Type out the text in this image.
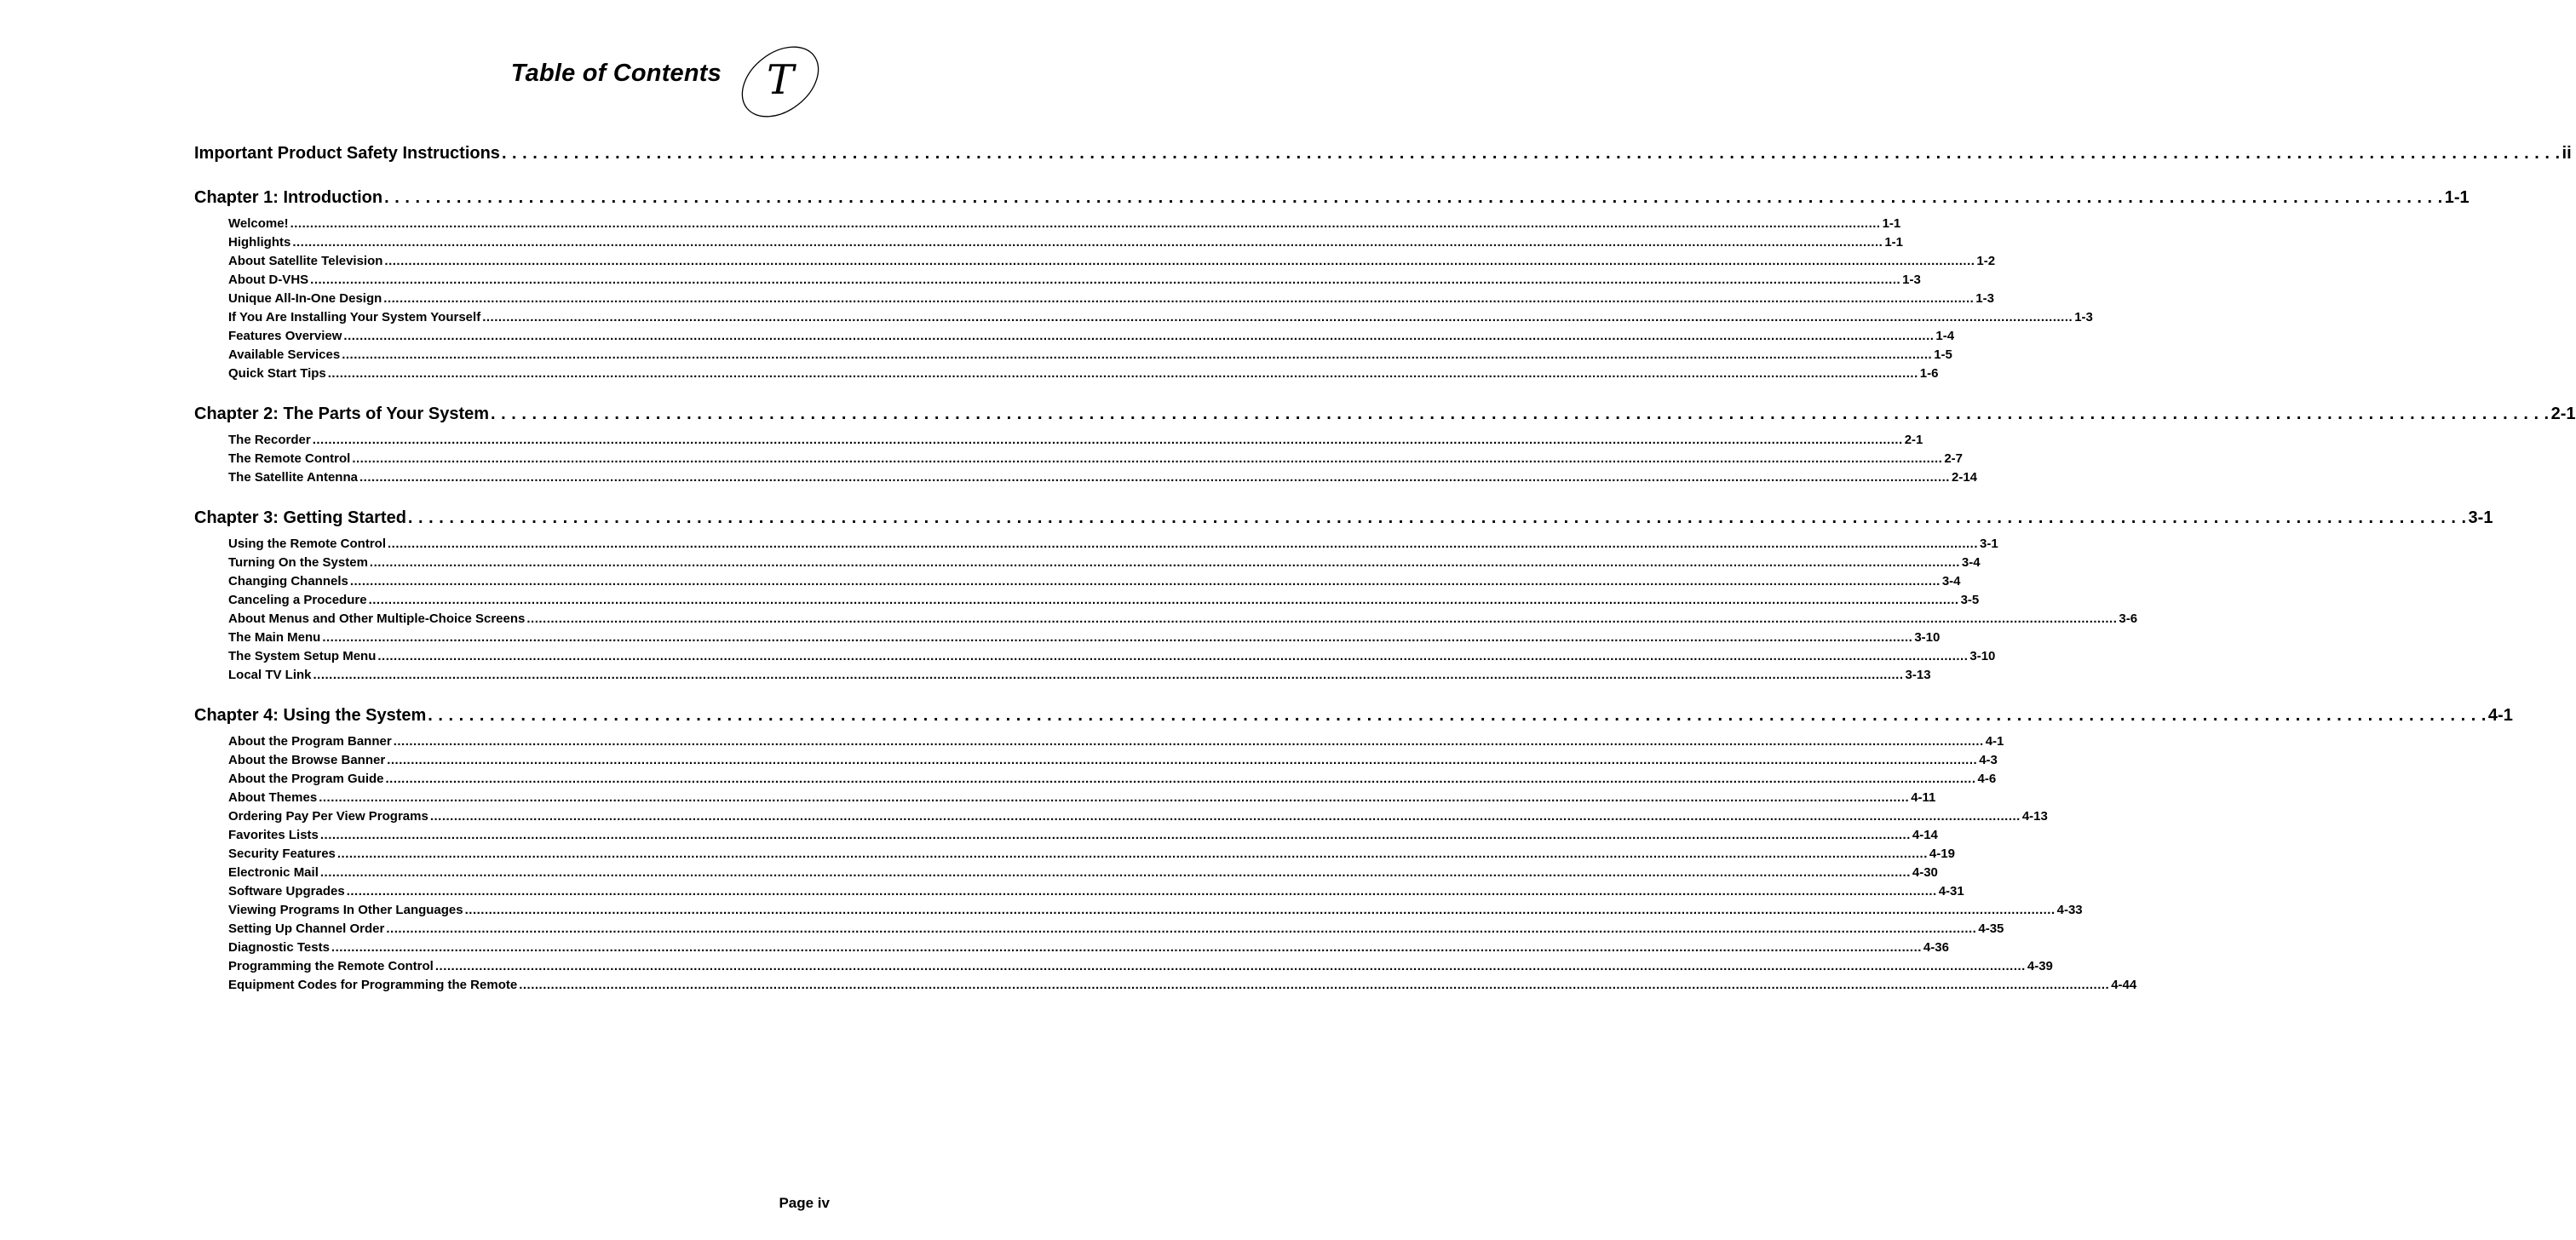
Table of Contents T
Important Product Safety Instructions . . . . . . . . . . . . . . . . . . . . . . . . . . . . . . . . . . . . . . . . . . . . . . . . . . . . . . . . . . . . . . . . . . . . . . . . . . . . . . . . . . . . . . . . . . . . . . . . . . . . . . . . . . . . . . . . . . . . . . . . . . . . . . . . . . . . . . . . . . . . . . . . . . . . . . . . . . . . . . . . . . . . . . . . . . . . . . . . . . . . . . . . . . . . . . . . . . . . . . . . ii
Chapter 1: Introduction . . . . . . . . . . . . . . . . . . . . . . . . . . . . . . . . . . . . . . . . . . . . . . . . . . . . . . . . . . . . . . . . . . . . . . . . . . . . . . . . . . . . . . . . . . . . . . . . . . . . . . . . . . . . . . . . . . . . . . . . . . . . . . . . . . . . . . . . . . . . . . . . . . . . . . . . . . . . . . . . . . . . . . . . . . . . . . . . . . . . . . . . . . . . . . . . . . . . . . . . 1-1
Welcome! ................................................................................................................................................................................................................................................................................................................................................................................................................ 1-1
Highlights ................................................................................................................................................................................................................................................................................................................................................................................................................ 1-1
About Satellite Television ................................................................................................................................................................................................................................................................................................................................................................................................................ 1-2
About D-VHS ................................................................................................................................................................................................................................................................................................................................................................................................................ 1-3
Unique All-In-One Design ................................................................................................................................................................................................................................................................................................................................................................................................................ 1-3
If You Are Installing Your System Yourself ................................................................................................................................................................................................................................................................................................................................................................................................................ 1-3
Features Overview ................................................................................................................................................................................................................................................................................................................................................................................................................ 1-4
Available Services ................................................................................................................................................................................................................................................................................................................................................................................................................ 1-5
Quick Start Tips ................................................................................................................................................................................................................................................................................................................................................................................................................ 1-6
Chapter 2: The Parts of Your System . . . . . . . . . . . . . . . . . . . . . . . . . . . . . . . . . . . . . . . . . . . . . . . . . . . . . . . . . . . . . . . . . . . . . . . . . . . . . . . . . . . . . . . . . . . . . . . . . . . . . . . . . . . . . . . . . . . . . . . . . . . . . . . . . . . . . . . . . . . . . . . . . . . . . . . . . . . . . . . . . . . . . . . . . . . . . . . . . . . . . . . . . . . . . . . . . . . . . . . . 2-1
The Recorder ................................................................................................................................................................................................................................................................................................................................................................................................................ 2-1
The Remote Control ................................................................................................................................................................................................................................................................................................................................................................................................................ 2-7
The Satellite Antenna ................................................................................................................................................................................................................................................................................................................................................................................................................ 2-14
Chapter 3: Getting Started . . . . . . . . . . . . . . . . . . . . . . . . . . . . . . . . . . . . . . . . . . . . . . . . . . . . . . . . . . . . . . . . . . . . . . . . . . . . . . . . . . . . . . . . . . . . . . . . . . . . . . . . . . . . . . . . . . . . . . . . . . . . . . . . . . . . . . . . . . . . . . . . . . . . . . . . . . . . . . . . . . . . . . . . . . . . . . . . . . . . . . . . . . . . . . . . . . . . . . . . 3-1
Using the Remote Control ................................................................................................................................................................................................................................................................................................................................................................................................................ 3-1
Turning On the System ................................................................................................................................................................................................................................................................................................................................................................................................................ 3-4
Changing Channels ................................................................................................................................................................................................................................................................................................................................................................................................................ 3-4
Canceling a Procedure ................................................................................................................................................................................................................................................................................................................................................................................................................ 3-5
About Menus and Other Multiple-Choice Screens ................................................................................................................................................................................................................................................................................................................................................................................................................ 3-6
The Main Menu ................................................................................................................................................................................................................................................................................................................................................................................................................ 3-10
The System Setup Menu ................................................................................................................................................................................................................................................................................................................................................................................................................ 3-10
Local TV Link ................................................................................................................................................................................................................................................................................................................................................................................................................ 3-13
Chapter 4: Using the System . . . . . . . . . . . . . . . . . . . . . . . . . . . . . . . . . . . . . . . . . . . . . . . . . . . . . . . . . . . . . . . . . . . . . . . . . . . . . . . . . . . . . . . . . . . . . . . . . . . . . . . . . . . . . . . . . . . . . . . . . . . . . . . . . . . . . . . . . . . . . . . . . . . . . . . . . . . . . . . . . . . . . . . . . . . . . . . . . . . . . . . . . . . . . . . . . . . . . . . . 4-1
About the Program Banner ................................................................................................................................................................................................................................................................................................................................................................................................................ 4-1
About the Browse Banner ................................................................................................................................................................................................................................................................................................................................................................................................................ 4-3
About the Program Guide ................................................................................................................................................................................................................................................................................................................................................................................................................ 4-6
About Themes ................................................................................................................................................................................................................................................................................................................................................................................................................ 4-11
Ordering Pay Per View Programs ................................................................................................................................................................................................................................................................................................................................................................................................................ 4-13
Favorites Lists ................................................................................................................................................................................................................................................................................................................................................................................................................ 4-14
Security Features ................................................................................................................................................................................................................................................................................................................................................................................................................ 4-19
Electronic Mail ................................................................................................................................................................................................................................................................................................................................................................................................................ 4-30
Software Upgrades ................................................................................................................................................................................................................................................................................................................................................................................................................ 4-31
Viewing Programs In Other Languages ................................................................................................................................................................................................................................................................................................................................................................................................................ 4-33
Setting Up Channel Order ................................................................................................................................................................................................................................................................................................................................................................................................................ 4-35
Diagnostic Tests ................................................................................................................................................................................................................................................................................................................................................................................................................ 4-36
Programming the Remote Control ................................................................................................................................................................................................................................................................................................................................................................................................................ 4-39
Equipment Codes for Programming the Remote ................................................................................................................................................................................................................................................................................................................................................................................................................ 4-44
Page iv
